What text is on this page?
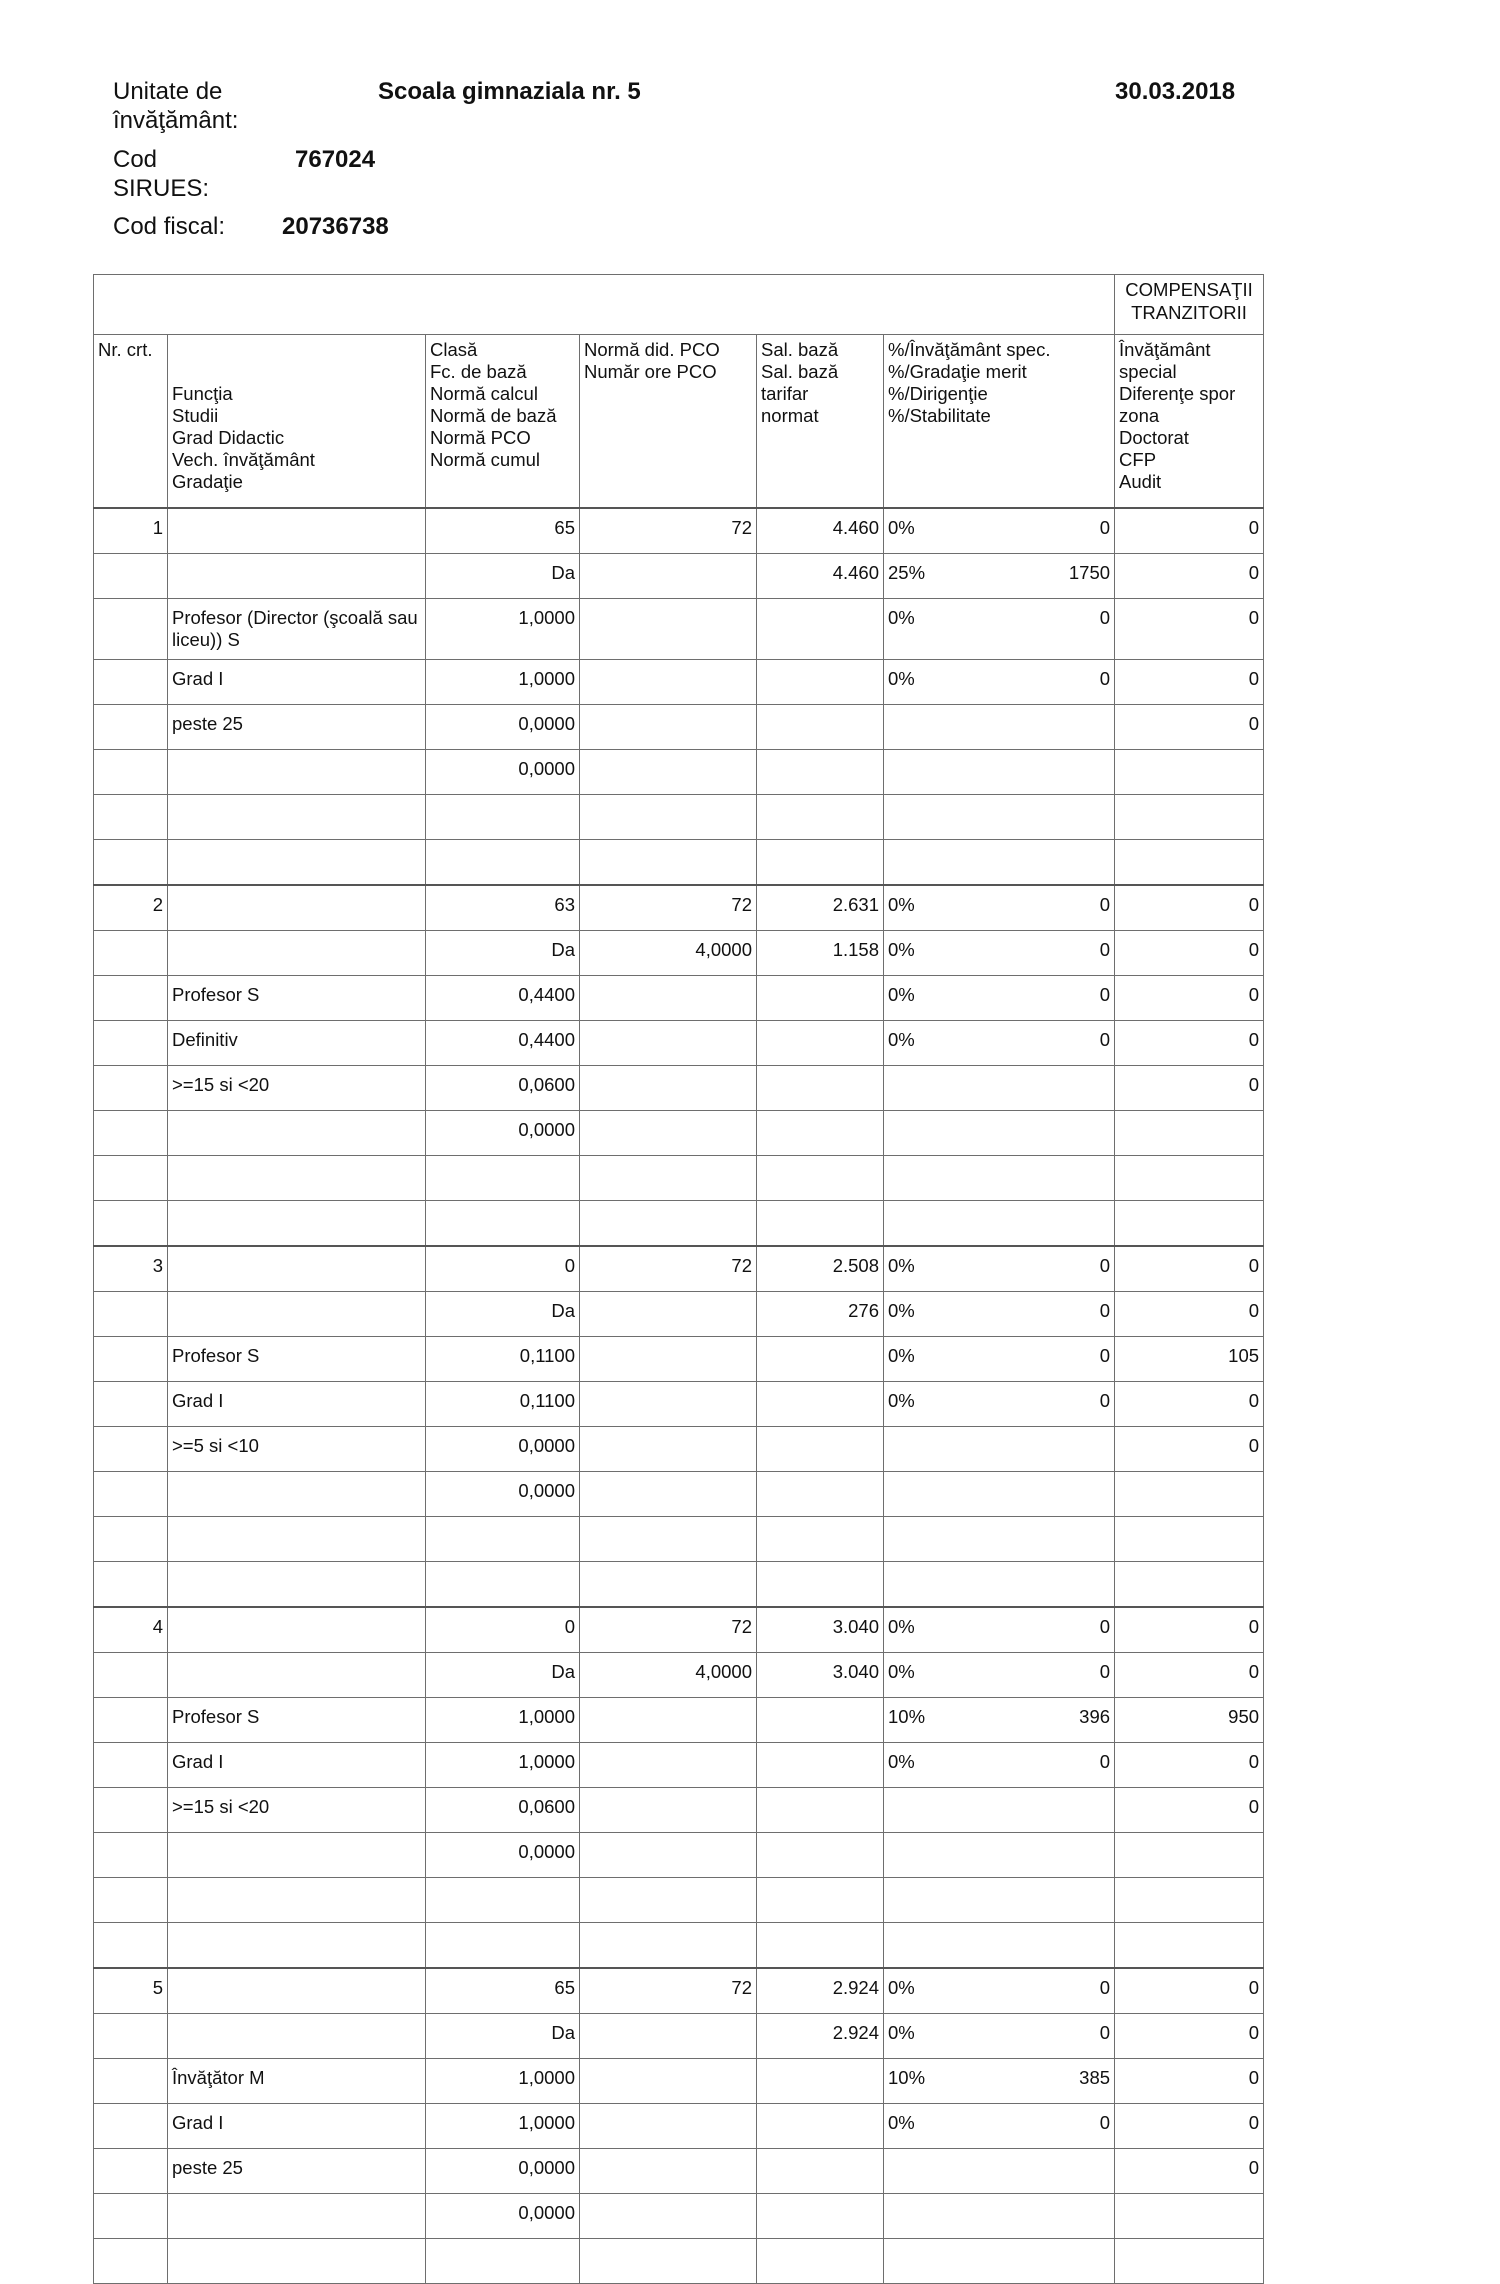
Unitate de
învăţământ:
Scoala gimnaziala nr. 5	30.03.2018
Cod
SIRUES:
767024
Cod fiscal: 20736738

							COMPENSAŢII
TRANZITORII

Nr. crt.

Funcţia
Studii
Grad Didactic
Vech. învăţământ
Gradaţie

Clasă
Fc. de bază
Normă calcul
Normă de bază
Normă PCO
Normă cumul

Normă did. PCO
Număr ore PCO

Sal. bază
Sal. bază
tarifar
normat

%/Învăţământ spec.
%/Gradaţie merit
%/Dirigenţie
%/Stabilitate

Învăţământ
special
Diferenţe spor
zona
Doctorat
CFP
Audit

1		65	72	4.460	0%	0	0
		Da		4.460	25%	1750	0
	Profesor (Director (şcoală sau liceu)) S	1,0000			0%	0	0
	Grad I	1,0000			0%	0	0
	peste 25	0,0000					0
		0,0000					

2		63	72	2.631	0%	0	0
		Da	4,0000	1.158	0%	0	0
	Profesor S	0,4400			0%	0	0
	Definitiv	0,4400			0%	0	0
	>=15 si <20	0,0600					0
		0,0000					

3		0	72	2.508	0%	0	0
		Da		276	0%	0	0
	Profesor S	0,1100			0%	0	105
	Grad I	0,1100			0%	0	0
	>=5 si <10	0,0000					0
		0,0000					

4		0	72	3.040	0%	0	0
		Da	4,0000	3.040	0%	0	0
	Profesor S	1,0000			10%	396	950
	Grad I	1,0000			0%	0	0
	>=15 si <20	0,0600					0
		0,0000					

5		65	72	2.924	0%	0	0
		Da		2.924	0%	0	0
	Învăţător M	1,0000			10%	385	0
	Grad I	1,0000			0%	0	0
	peste 25	0,0000					0
		0,0000					
